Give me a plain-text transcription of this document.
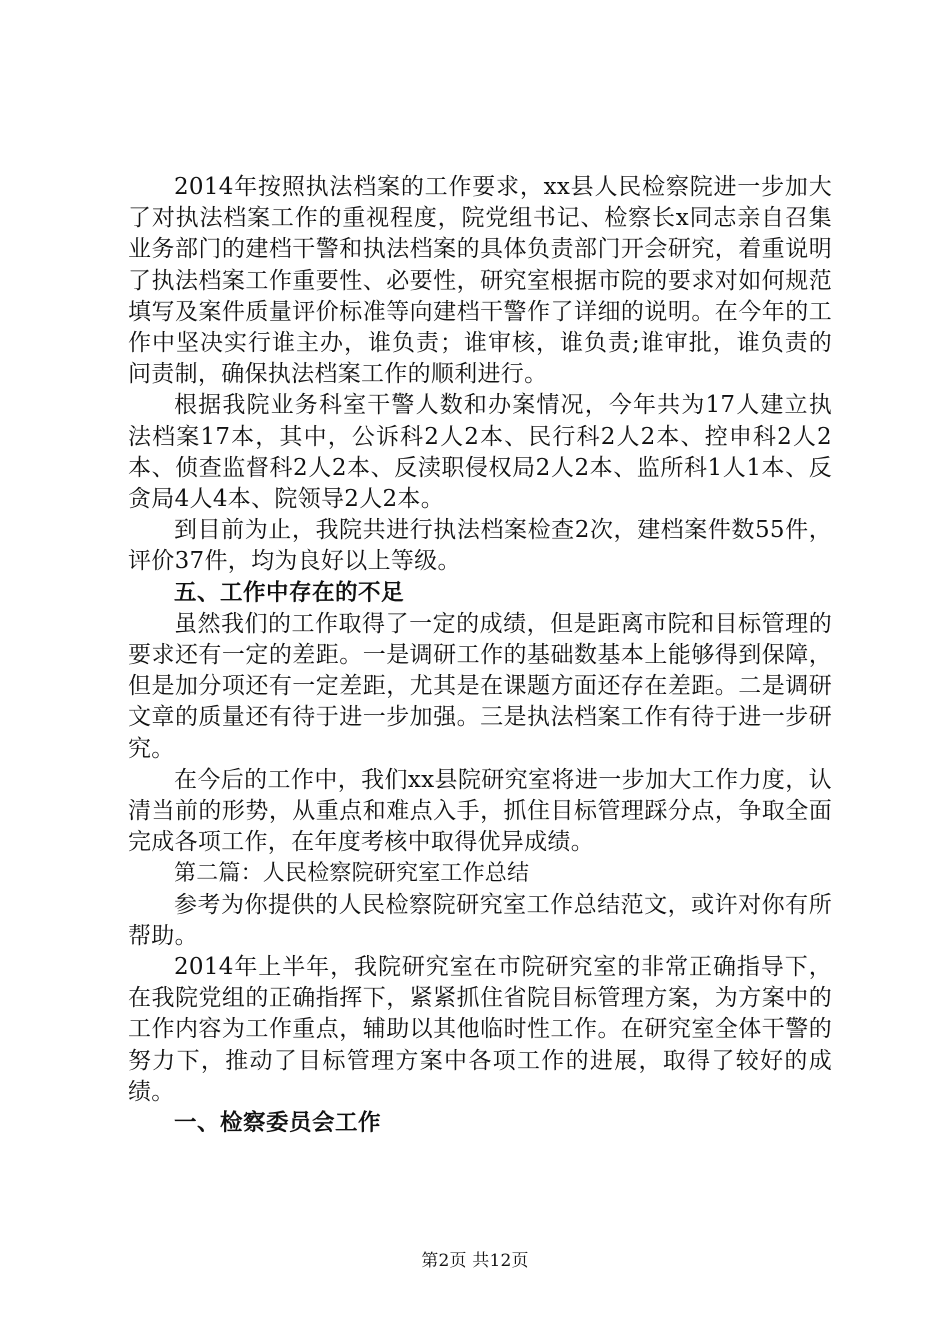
2014年按照执法档案的工作要求，xx县人民检察院进一步加大了对执法档案工作的重视程度，院党组书记、检察长x同志亲自召集业务部门的建档干警和执法档案的具体负责部门开会研究，着重说明了执法档案工作重要性、必要性，研究室根据市院的要求对如何规范填写及案件质量评价标准等向建档干警作了详细的说明。在今年的工作中坚决实行谁主办，谁负责；谁审核，谁负责;谁审批，谁负责的问责制，确保执法档案工作的顺利进行。

根据我院业务科室干警人数和办案情况，今年共为17人建立执法档案17本，其中，公诉科2人2本、民行科2人2本、控申科2人2本、侦查监督科2人2本、反渎职侵权局2人2本、监所科1人1本、反贪局4人4本、院领导2人2本。

到目前为止，我院共进行执法档案检查2次，建档案件数55件，评价37件，均为良好以上等级。

五、工作中存在的不足

虽然我们的工作取得了一定的成绩，但是距离市院和目标管理的要求还有一定的差距。一是调研工作的基础数基本上能够得到保障，但是加分项还有一定差距，尤其是在课题方面还存在差距。二是调研文章的质量还有待于进一步加强。三是执法档案工作有待于进一步研究。

在今后的工作中，我们xx县院研究室将进一步加大工作力度，认清当前的形势，从重点和难点入手，抓住目标管理踩分点，争取全面完成各项工作，在年度考核中取得优异成绩。

第二篇：人民检察院研究室工作总结

参考为你提供的人民检察院研究室工作总结范文，或许对你有所帮助。

2014年上半年，我院研究室在市院研究室的非常正确指导下，在我院党组的正确指挥下，紧紧抓住省院目标管理方案，为方案中的工作内容为工作重点，辅助以其他临时性工作。在研究室全体干警的努力下，推动了目标管理方案中各项工作的进展，取得了较好的成绩。

一、检察委员会工作

第2页 共12页
